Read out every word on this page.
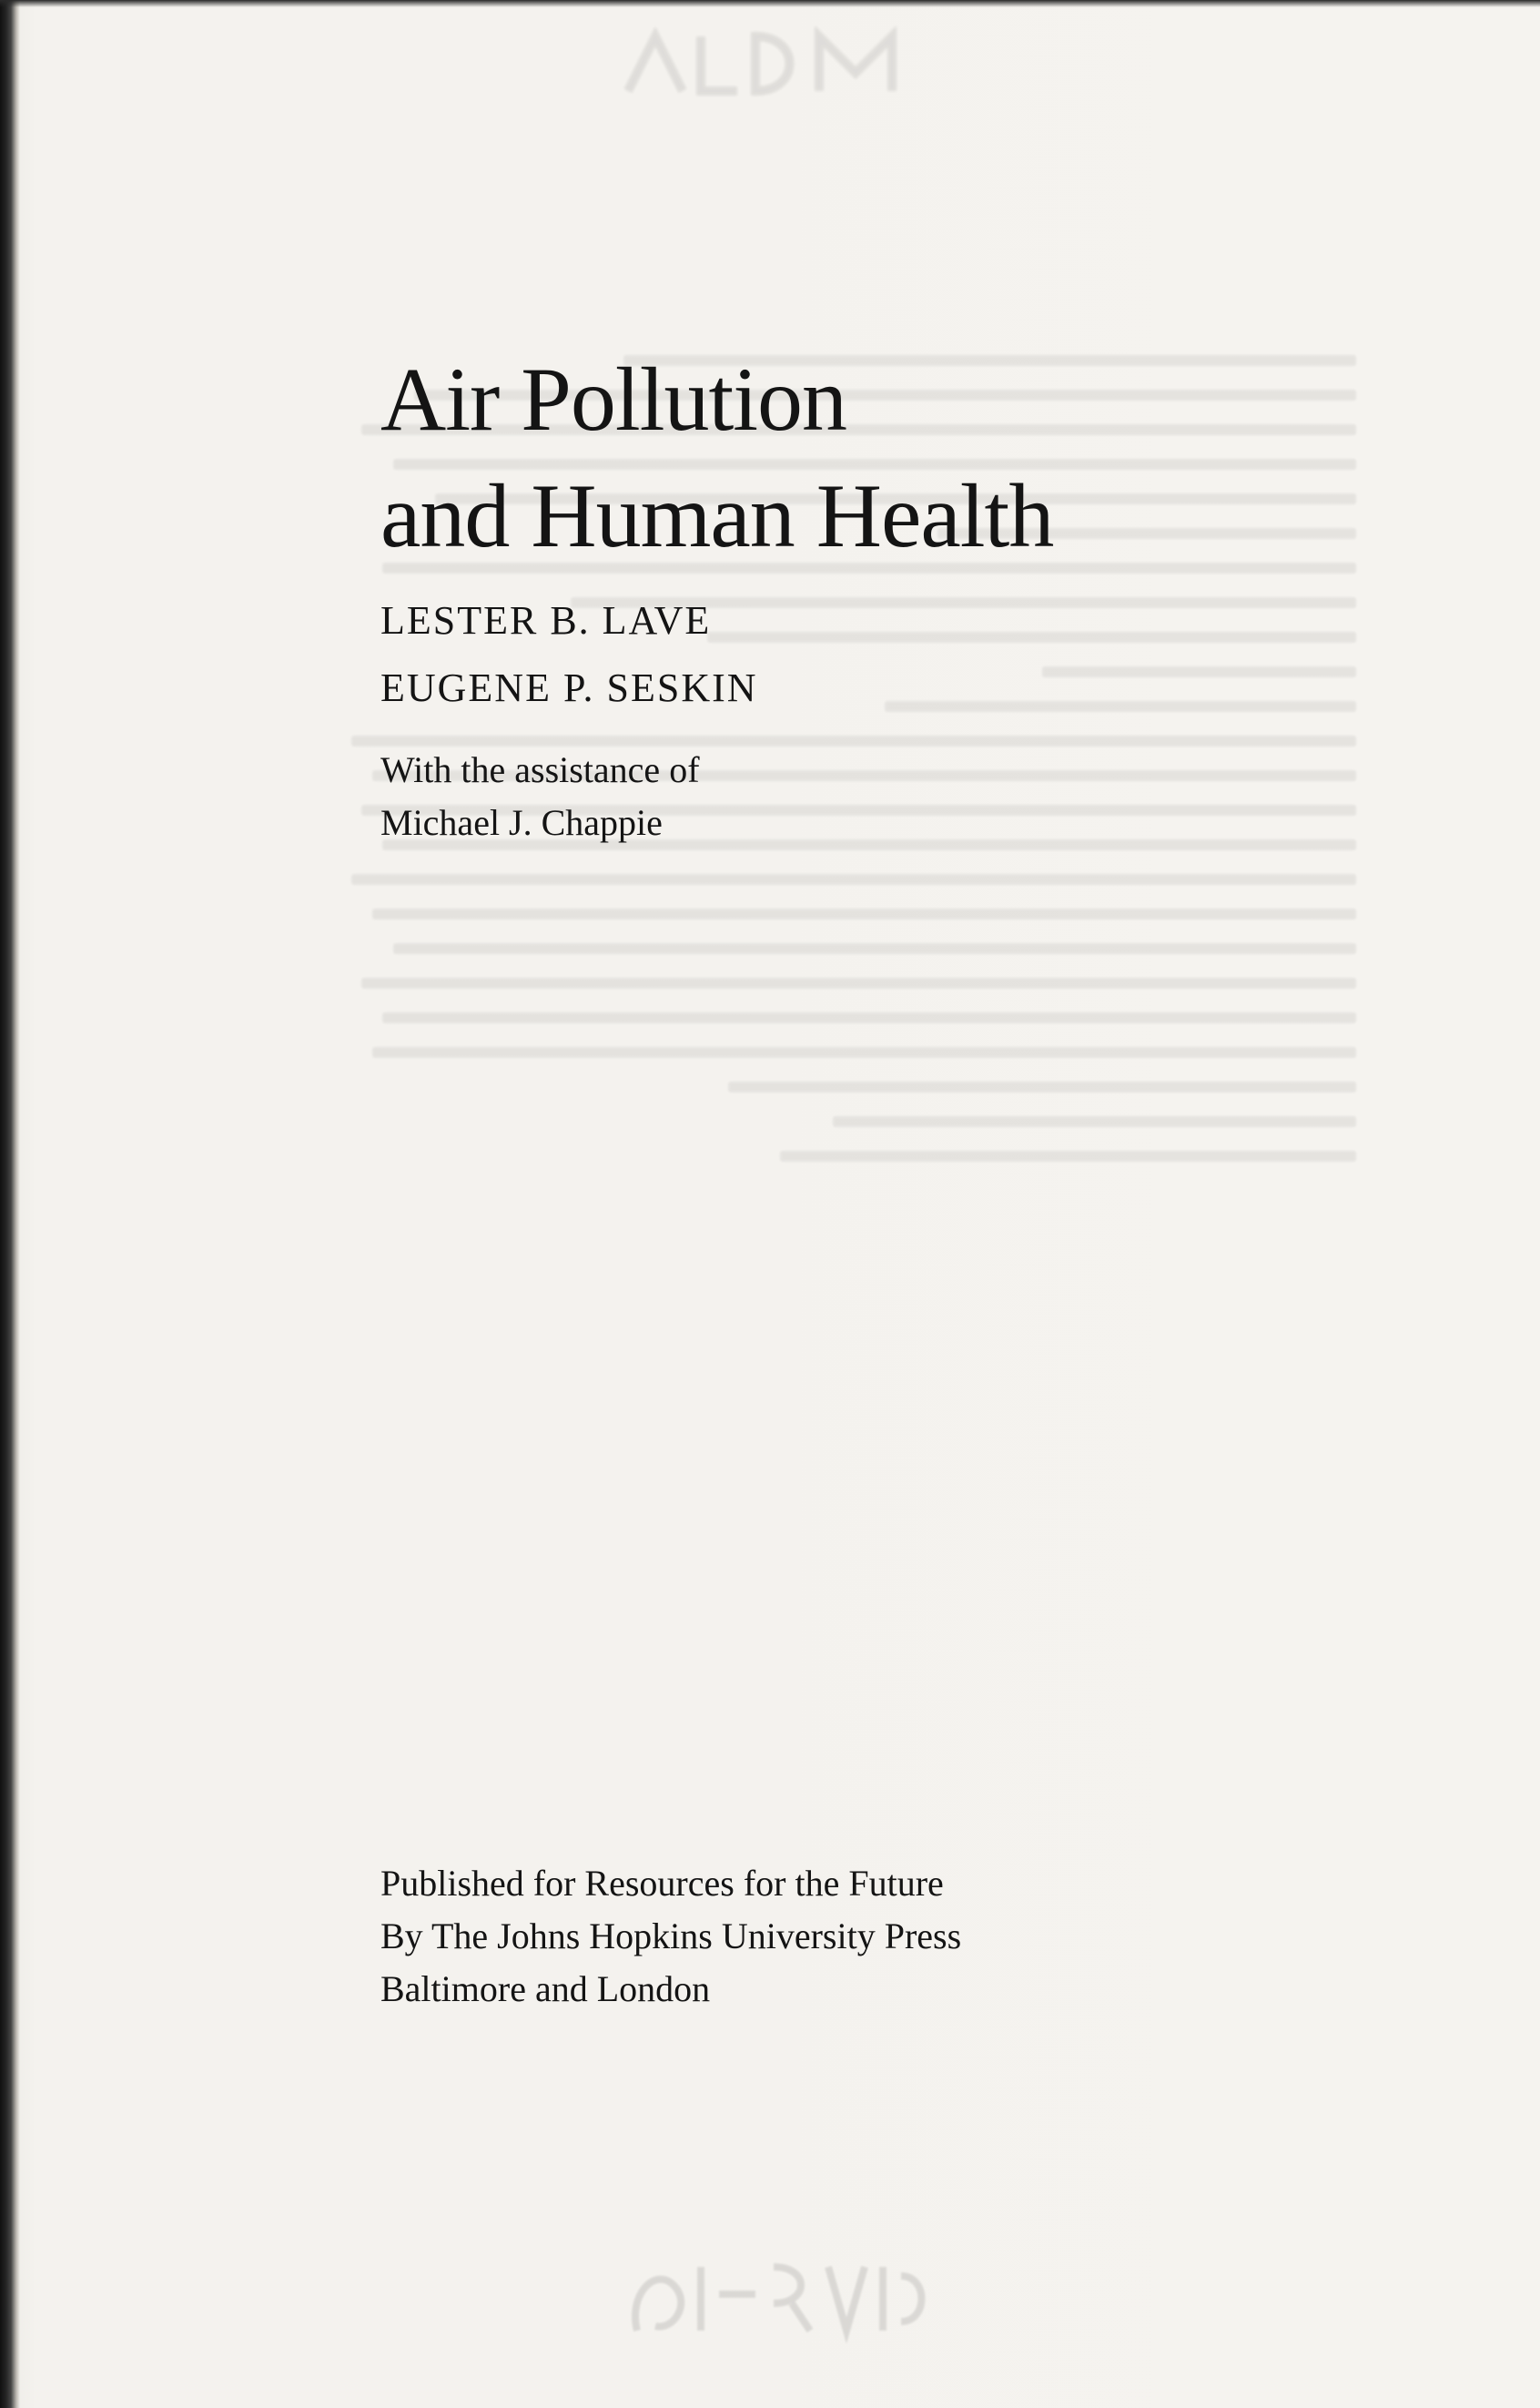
Air Pollution
and Human Health
LESTER B. LAVE
EUGENE P. SESKIN
With the assistance of
Michael J. Chappie
Published for Resources for the Future
By The Johns Hopkins University Press
Baltimore and London
